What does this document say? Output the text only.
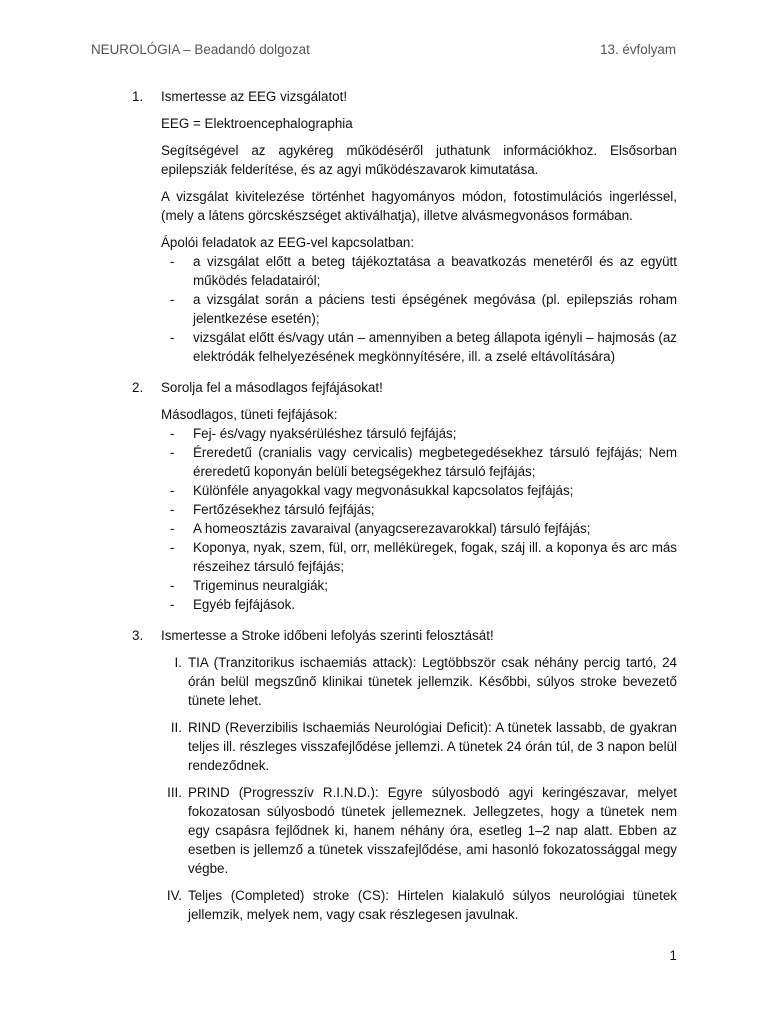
NEUROLÓGIA – Beadandó dolgozat	13. évfolyam
1.	Ismertesse az EEG vizsgálatot!

EEG = Elektroencephalographia

Segítségével az agykéreg működéséről juthatunk információkhoz. Elsősorban epilepsziák felderítése, és az agyi működészavarok kimutatása.

A vizsgálat kivitelezése történhet hagyományos módon, fotostimulációs ingerléssel, (mely a látens görcskészséget aktiválhatja), illetve alvásmegvonásos formában.

Ápolói feladatok az EEG-vel kapcsolatban:

-	a vizsgálat előtt a beteg tájékoztatása a beavatkozás menetéről és az együtt működés feladatairól;
-	a vizsgálat során a páciens testi épségének megóvása (pl. epilepsziás roham jelentkezése esetén);
-	vizsgálat előtt és/vagy után – amennyiben a beteg állapota igényli – hajmosás (az elektródák felhelyezésének megkönnyítésére, ill. a zselé eltávolítására)
2.	Sorolja fel a másodlagos fejfájásokat!

Másodlagos, tüneti fejfájások:

-	Fej- és/vagy nyaksérüléshez társuló fejfájás;
-	Éreredetű (cranialis vagy cervicalis) megbetegedésekhez társuló fejfájás; Nem éreredetű koponyán belüli betegségekhez társuló fejfájás;
-	Különféle anyagokkal vagy megvonásukkal kapcsolatos fejfájás;
-	Fertőzésekhez társuló fejfájás;
-	A homeosztázis zavaraival (anyagcserezavarokkal) társuló fejfájás;
-	Koponya, nyak, szem, fül, orr, melléküregek, fogak, száj ill. a koponya és arc más részeihez társuló fejfájás;
-	Trigeminus neuralgiák;
-	Egyéb fejfájások.
3.	Ismertesse a Stroke időbeni lefolyás szerinti felosztását!
I. TIA (Tranzitorikus ischaemiás attack): Legtöbbször csak néhány percig tartó, 24 órán belül megszűnő klinikai tünetek jellemzik. Későbbi, súlyos stroke bevezető tünete lehet.
II. RIND (Reverzibilis Ischaemiás Neurológiai Deficit): A tünetek lassabb, de gyakran teljes ill. részleges visszafejlődése jellemzi. A tünetek 24 órán túl, de 3 napon belül rendeződnek.
III. PRIND (Progresszív R.I.N.D.): Egyre súlyosbodó agyi keringészavar, melyet fokozatosan súlyosbodó tünetek jellemeznek. Jellegzetes, hogy a tünetek nem egy csapásra fejlődnek ki, hanem néhány óra, esetleg 1–2 nap alatt. Ebben az esetben is jellemző a tünetek visszafejlődése, ami hasonló fokozatossággal megy végbe.
IV. Teljes (Completed) stroke (CS): Hirtelen kialakuló súlyos neurológiai tünetek jellemzik, melyek nem, vagy csak részlegesen javulnak.
1
